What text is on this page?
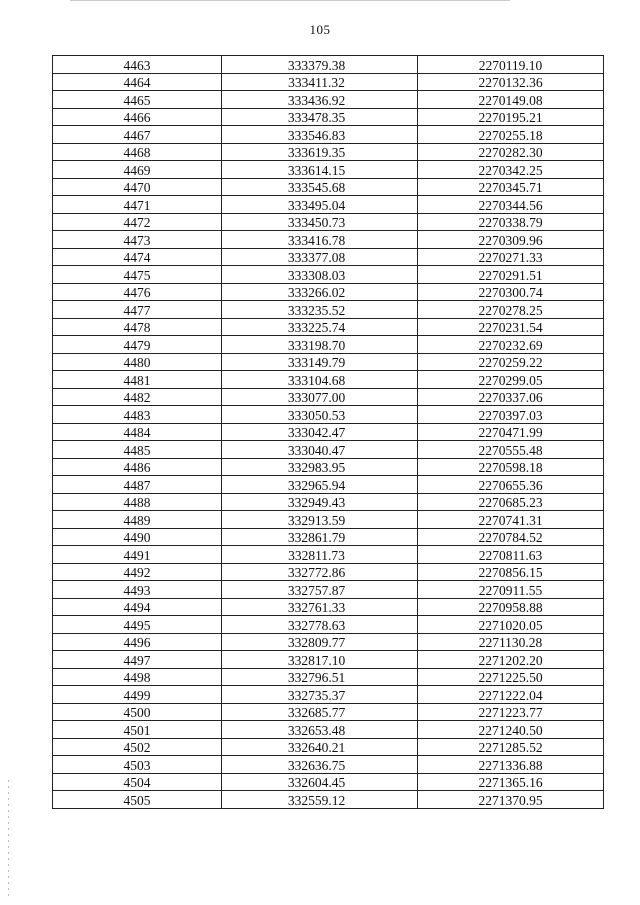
105
4463	333379.38	2270119.10
4464	333411.32	2270132.36
4465	333436.92	2270149.08
4466	333478.35	2270195.21
4467	333546.83	2270255.18
4468	333619.35	2270282.30
4469	333614.15	2270342.25
4470	333545.68	2270345.71
4471	333495.04	2270344.56
4472	333450.73	2270338.79
4473	333416.78	2270309.96
4474	333377.08	2270271.33
4475	333308.03	2270291.51
4476	333266.02	2270300.74
4477	333235.52	2270278.25
4478	333225.74	2270231.54
4479	333198.70	2270232.69
4480	333149.79	2270259.22
4481	333104.68	2270299.05
4482	333077.00	2270337.06
4483	333050.53	2270397.03
4484	333042.47	2270471.99
4485	333040.47	2270555.48
4486	332983.95	2270598.18
4487	332965.94	2270655.36
4488	332949.43	2270685.23
4489	332913.59	2270741.31
4490	332861.79	2270784.52
4491	332811.73	2270811.63
4492	332772.86	2270856.15
4493	332757.87	2270911.55
4494	332761.33	2270958.88
4495	332778.63	2271020.05
4496	332809.77	2271130.28
4497	332817.10	2271202.20
4498	332796.51	2271225.50
4499	332735.37	2271222.04
4500	332685.77	2271223.77
4501	332653.48	2271240.50
4502	332640.21	2271285.52
4503	332636.75	2271336.88
4504	332604.45	2271365.16
4505	332559.12	2271370.95
